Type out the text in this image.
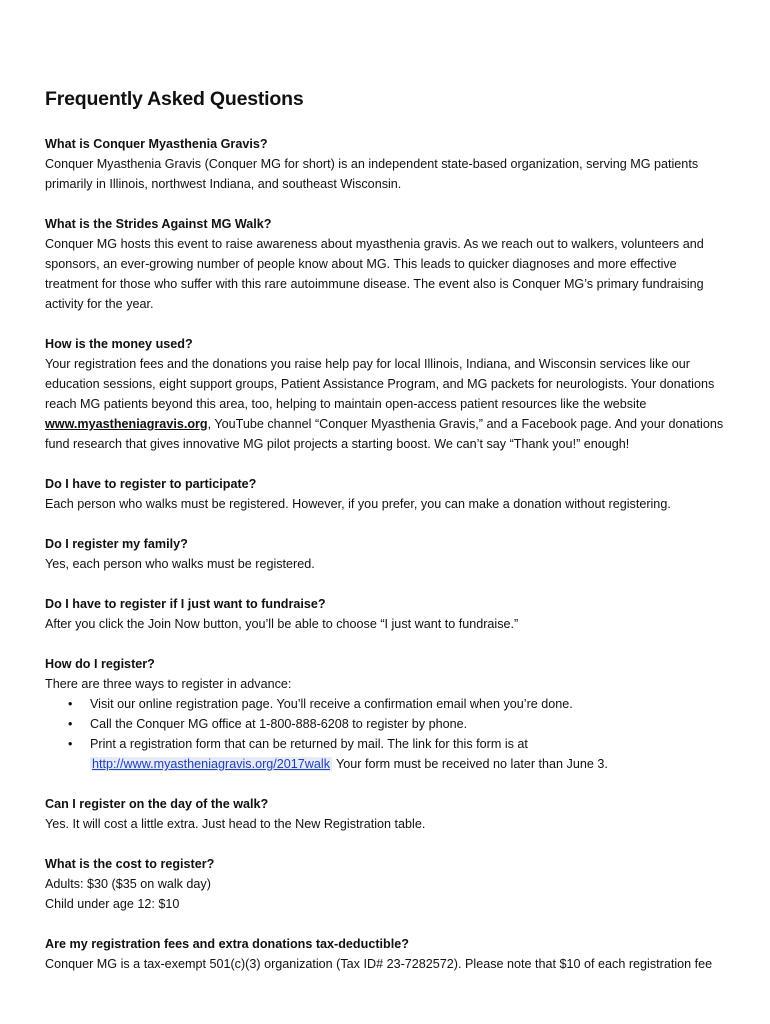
Frequently Asked Questions

What is Conquer Myasthenia Gravis?

Conquer Myasthenia Gravis (Conquer MG for short) is an independent state-based organization, serving MG patients
primarily in Illinois, northwest Indiana, and southeast Wisconsin.

What is the Strides Against MG Walk?

Conquer MG hosts this event to raise awareness about myasthenia gravis. As we reach out to walkers, volunteers and
sponsors, an ever-growing number of people know about MG. This leads to quicker diagnoses and more effective
treatment for those who suffer with this rare autoimmune disease. The event also is Conquer MG’s primary fundraising
activity for the year.

How is the money used?

Your registration fees and the donations you raise help pay for local Illinois, Indiana, and Wisconsin services like our
education sessions, eight support groups, Patient Assistance Program, and MG packets for neurologists. Your donations
reach MG patients beyond this area, too, helping to maintain open-access patient resources like the website
www.myastheniagravis.org, YouTube channel “Conquer Myasthenia Gravis,” and a Facebook page. And your donations
fund research that gives innovative MG pilot projects a starting boost. We can’t say “Thank you!” enough!

Do I have to register to participate?

Each person who walks must be registered. However, if you prefer, you can make a donation without registering.

Do I register my family?

Yes, each person who walks must be registered.

Do I have to register if I just want to fundraise?

After you click the Join Now button, you’ll be able to choose “I just want to fundraise.”

How do I register?

There are three ways to register in advance:

• Visit our online registration page. You’ll receive a confirmation email when you’re done.
• Call the Conquer MG office at 1-800-888-6208 to register by phone.
• Print a registration form that can be returned by mail. The link for this form is at
http://www.myastheniagravis.org/2017walk Your form must be received no later than June 3.

Can I register on the day of the walk?

Yes. It will cost a little extra. Just head to the New Registration table.

What is the cost to register?

Adults: $30 ($35 on walk day)
Child under age 12: $10

Are my registration fees and extra donations tax-deductible?

Conquer MG is a tax-exempt 501(c)(3) organization (Tax ID# 23-7282572). Please note that $10 of each registration fee
